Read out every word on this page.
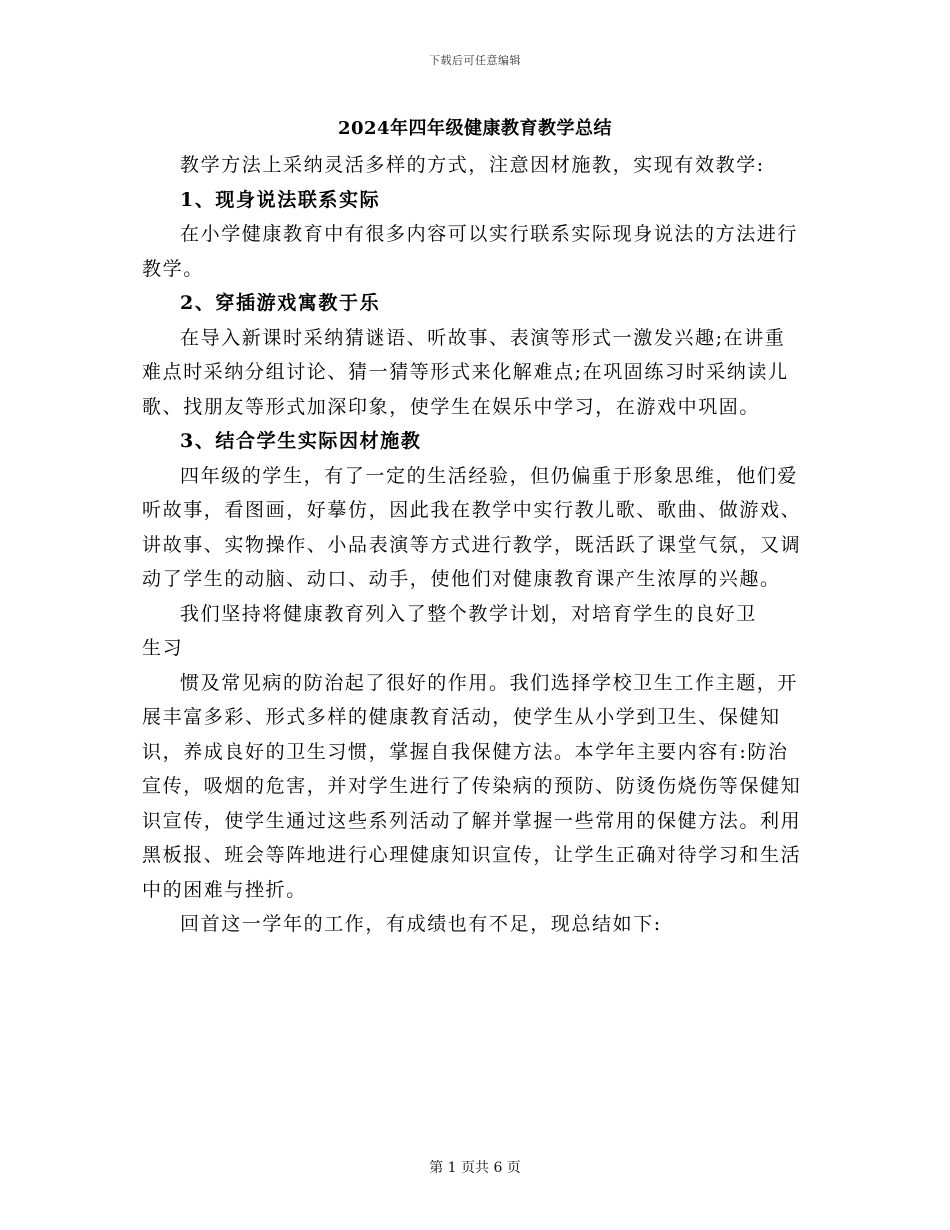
下载后可任意编辑
2024年四年级健康教育教学总结

教学方法上采纳灵活多样的方式，注意因材施教，实现有效教学:

1、现身说法联系实际

在小学健康教育中有很多内容可以实行联系实际现身说法的方法进行教学。

2、穿插游戏寓教于乐

在导入新课时采纳猜谜语、听故事、表演等形式一激发兴趣;在讲重难点时采纳分组讨论、猜一猜等形式来化解难点;在巩固练习时采纳读儿歌、找朋友等形式加深印象，使学生在娱乐中学习，在游戏中巩固。

3、结合学生实际因材施教

四年级的学生，有了一定的生活经验，但仍偏重于形象思维，他们爱听故事，看图画，好摹仿，因此我在教学中实行教儿歌、歌曲、做游戏、讲故事、实物操作、小品表演等方式进行教学，既活跃了课堂气氛，又调动了学生的动脑、动口、动手，使他们对健康教育课产生浓厚的兴趣。

我们坚持将健康教育列入了整个教学计划，对培育学生的良好卫

生习

惯及常见病的防治起了很好的作用。我们选择学校卫生工作主题，开展丰富多彩、形式多样的健康教育活动，使学生从小学到卫生、保健知识，养成良好的卫生习惯，掌握自我保健方法。本学年主要内容有:防治宣传，吸烟的危害，并对学生进行了传染病的预防、防烫伤烧伤等保健知识宣传，使学生通过这些系列活动了解并掌握一些常用的保健方法。利用黑板报、班会等阵地进行心理健康知识宣传，让学生正确对待学习和生活中的困难与挫折。

回首这一学年的工作，有成绩也有不足，现总结如下:

第 1 页共 6 页
